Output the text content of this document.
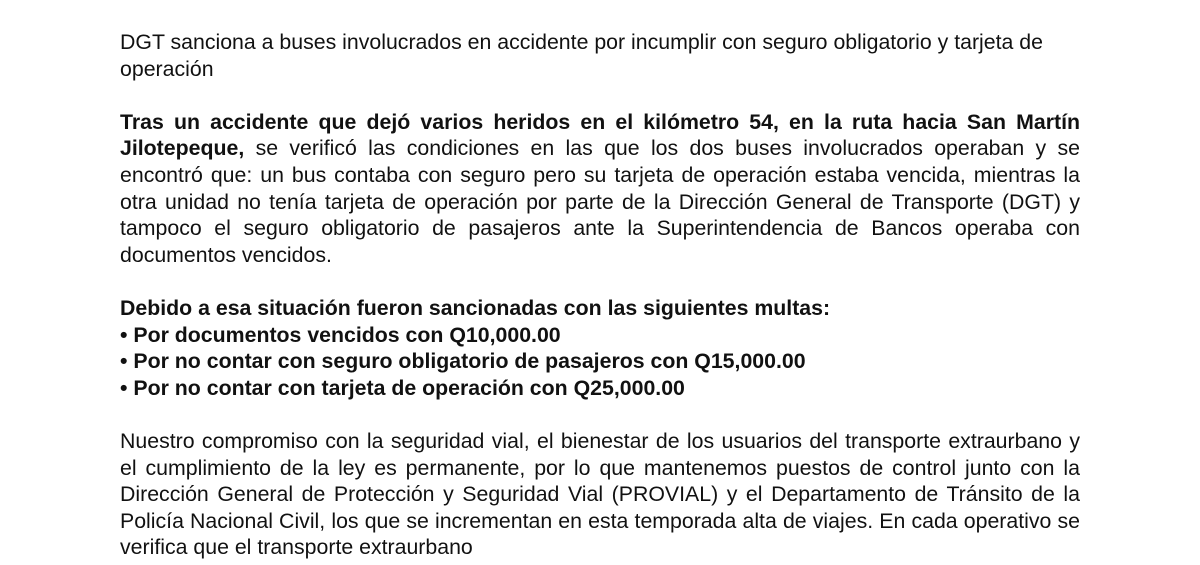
DGT sanciona a buses involucrados en accidente por incumplir con seguro obligatorio y tarjeta de operación

Tras un accidente que dejó varios heridos en el kilómetro 54, en la ruta hacia San Martín Jilotepeque, se verificó las condiciones en las que los dos buses involucrados operaban y se encontró que: un bus contaba con seguro pero su tarjeta de operación estaba vencida, mientras la otra unidad no tenía tarjeta de operación por parte de la Dirección General de Transporte (DGT) y tampoco el seguro obligatorio de pasajeros ante la Superintendencia de Bancos operaba con documentos vencidos.

Debido a esa situación fueron sancionadas con las siguientes multas:

• Por documentos vencidos con Q10,000.00
• Por no contar con seguro obligatorio de pasajeros con Q15,000.00
• Por no contar con tarjeta de operación con Q25,000.00

Nuestro compromiso con la seguridad vial, el bienestar de los usuarios del transporte extraurbano y el cumplimiento de la ley es permanente, por lo que mantenemos puestos de control junto con la Dirección General de Protección y Seguridad Vial (PROVIAL) y el Departamento de Tránsito de la Policía Nacional Civil, los que se incrementan en esta temporada alta de viajes. En cada operativo se verifica que el transporte extraurbano
